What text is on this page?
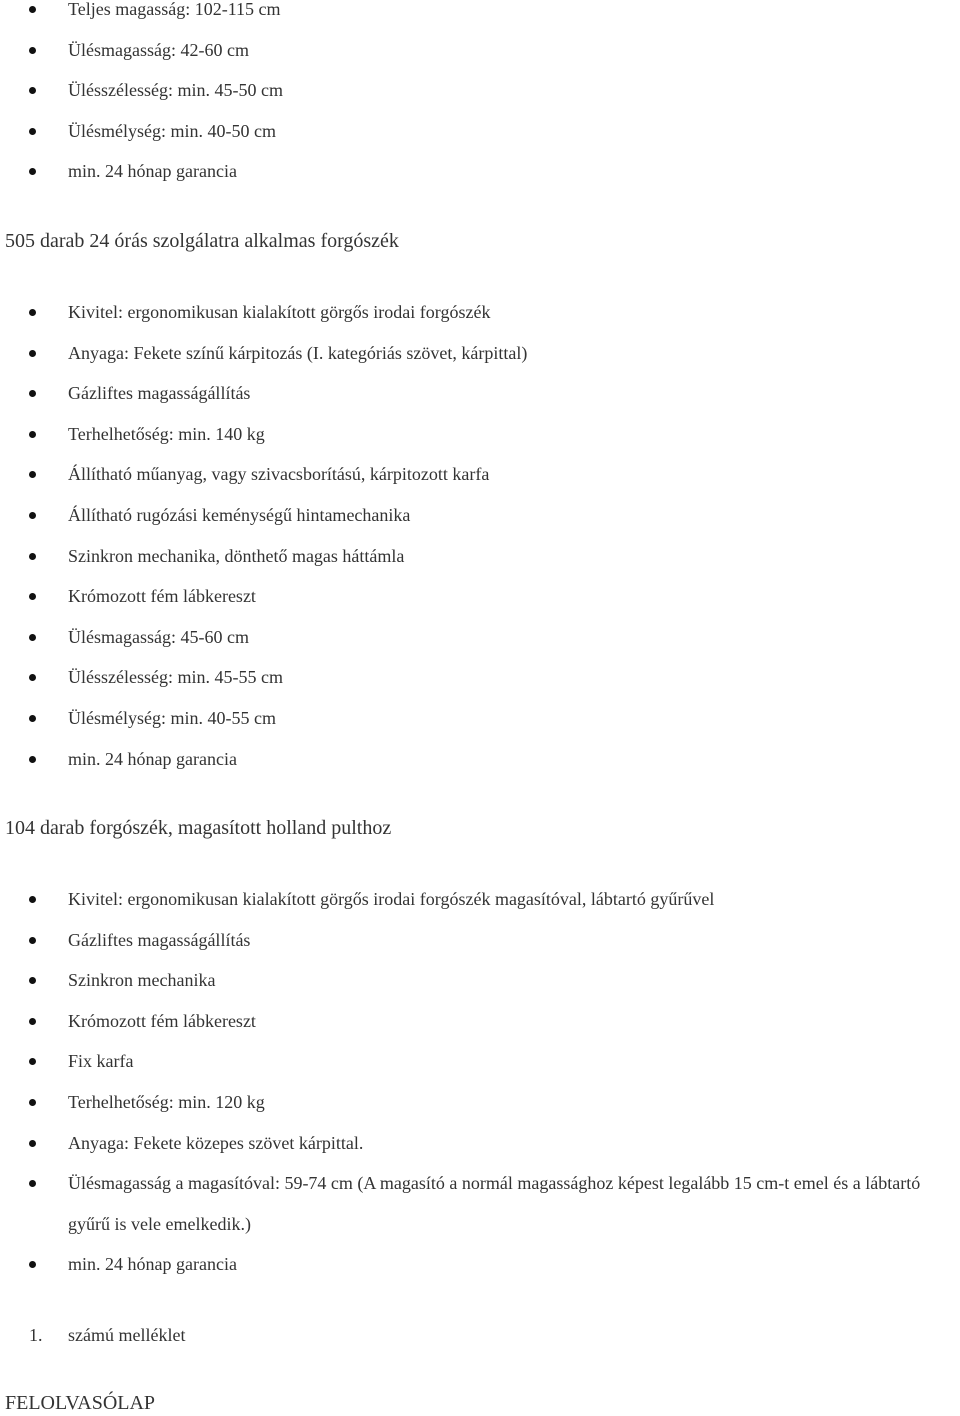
Teljes magasság: 102-115 cm
Ülésmagasság: 42-60 cm
Ülésszélesség: min. 45-50 cm
Ülésmélység: min. 40-50 cm
min. 24 hónap garancia
505 darab 24 órás szolgálatra alkalmas forgószék
Kivitel: ergonomikusan kialakított görgős irodai forgószék
Anyaga: Fekete színű kárpitozás (I. kategóriás szövet, kárpittal)
Gázliftes magasságállítás
Terhelhetőség: min. 140 kg
Állítható műanyag, vagy szivacsborítású, kárpitozott karfa
Állítható rugózási keménységű hintamechanika
Szinkron mechanika, dönthető magas háttámla
Krómozott fém lábkereszt
Ülésmagasság: 45-60 cm
Ülésszélesség: min. 45-55 cm
Ülésmélység: min. 40-55 cm
min. 24 hónap garancia
104 darab forgószék, magasított holland pulthoz
Kivitel: ergonomikusan kialakított görgős irodai forgószék magasítóval, lábtartó gyűrűvel
Gázliftes magasságállítás
Szinkron mechanika
Krómozott fém lábkereszt
Fix karfa
Terhelhetőség: min. 120 kg
Anyaga: Fekete közepes szövet kárpittal.
Ülésmagasság a magasítóval: 59-74 cm (A magasító a normál magassághoz képest legalább 15 cm-t emel és a lábtartó gyűrű is vele emelkedik.)
min. 24 hónap garancia
1. számú melléklet
FELOLVASÓLAP
